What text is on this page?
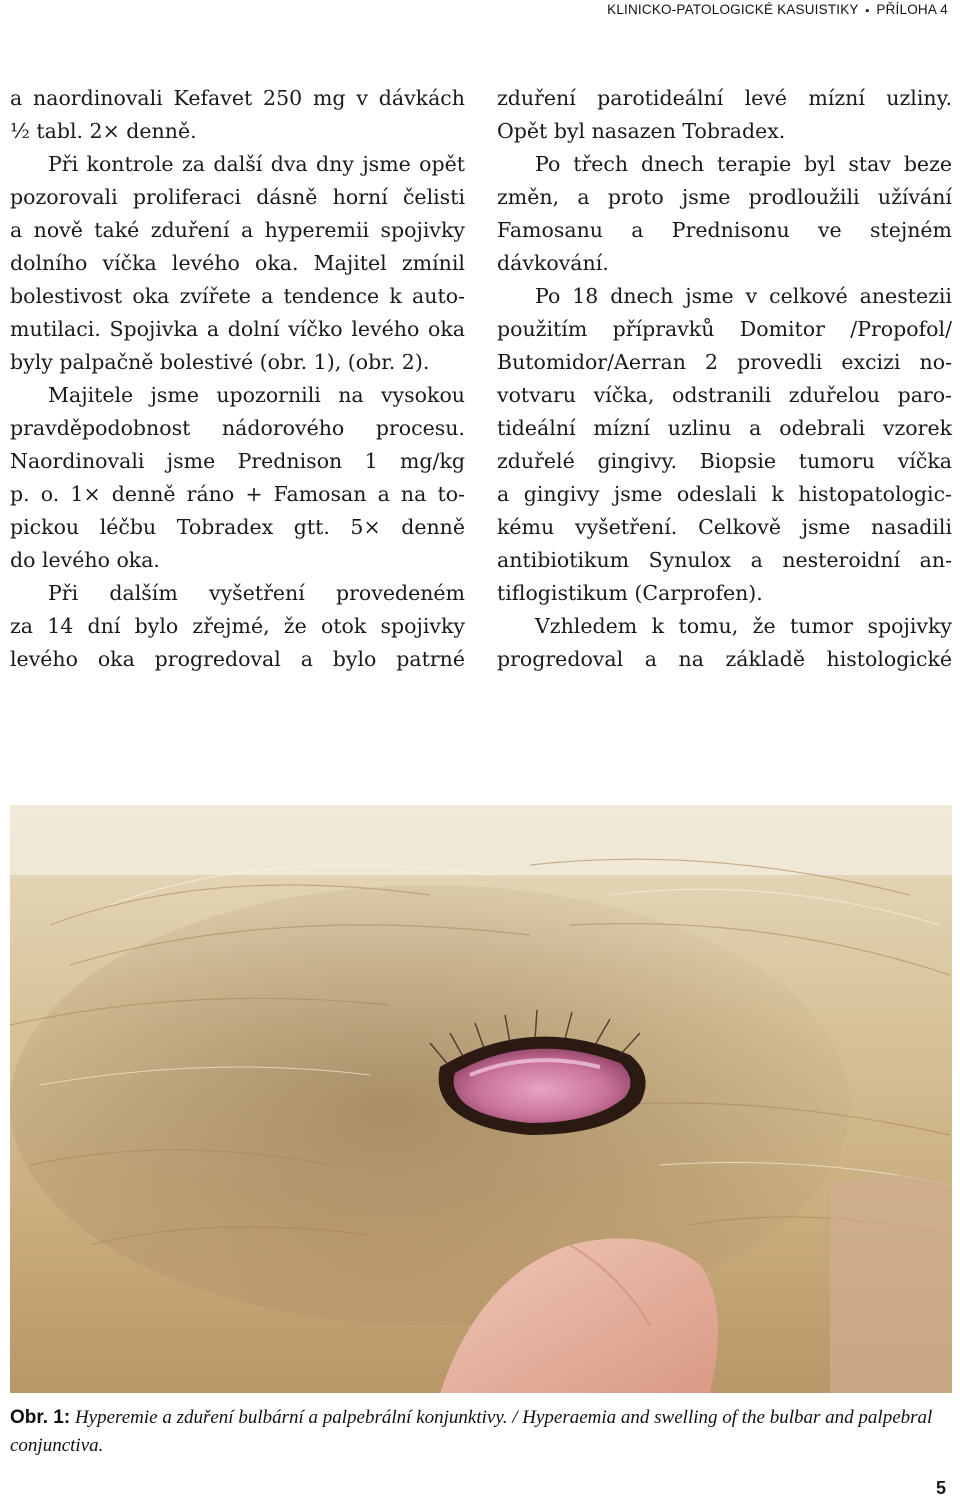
KLINICKO-PATOLOGICKÉ KASUISTIKY ▪ PŘÍLOHA 4
a naordinovali Kefavet 250 mg v dávkách
½ tabl. 2× denně.
Při kontrole za další dva dny jsme opět
pozorovali proliferaci dásně horní čelisti
a nově také zduření a hyperemii spojivky
dolního víčka levého oka. Majitel zmínil
bolestivost oka zvířete a tendence k auto-
mutilaci. Spojivka a dolní víčko levého oka
byly palpačně bolestivé (obr. 1), (obr. 2).
Majitele jsme upozornili na vysokou
pravděpodobnost nádorového procesu.
Naordinovali jsme Prednison 1 mg/kg
p. o. 1× denně ráno + Famosan a na to-
pickou léčbu Tobradex gtt. 5× denně
do levého oka.
Při dalším vyšetření provedeném
za 14 dní bylo zřejmé, že otok spojivky
levého oka progredoval a bylo patrné
zduření parotideální levé mízní uzliny.
Opět byl nasazen Tobradex.
Po třech dnech terapie byl stav beze
změn, a proto jsme prodloužili užívání
Famosanu a Prednisonu ve stejném
dávkování.
Po 18 dnech jsme v celkové anestezii
použitím přípravků Domitor /Propofol/
Butomidor/Aerran 2 provedli excizi no-
votvaru víčka, odstranili zduřelou paro-
tideální mízní uzlinu a odebrali vzorek
zduřelé gingivy. Biopsie tumoru víčka
a gingivy jsme odeslali k histopatologic-
kému vyšetření. Celkově jsme nasadili
antibiotikum Synulox a nesteroidní an-
tiflogistikum (Carprofen).
Vzhledem k tomu, že tumor spojivky
progredoval a na základě histologické
Obr. 1: Hyperemie a zduření bulbární a palpebrální konjunktivy. / Hyperaemia and swelling of the bulbar and palpebral conjunctiva.
5
